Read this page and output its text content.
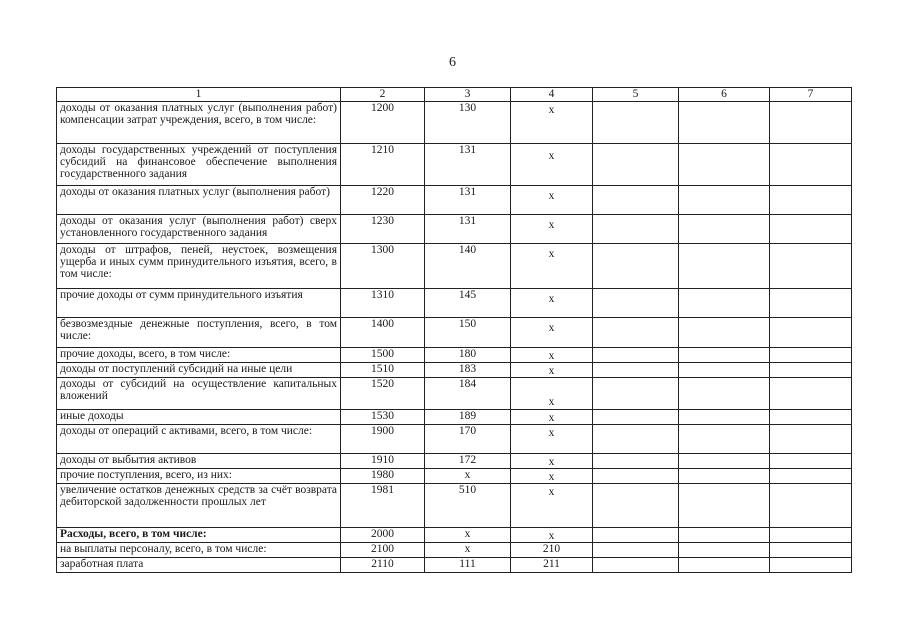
6
1	2	3	4	5	6	7
доходы от оказания платных услуг (выполнения работ) компенсации затрат учреждения, всего, в том числе:	1200	130	х			
доходы государственных учреждений от поступления субсидий на финансовое обеспечение выполнения государственного задания	1210	131	х			
доходы от оказания платных услуг (выполнения работ)	1220	131	х			
доходы от оказания услуг (выполнения работ) сверх установленного государственного задания	1230	131	х			
доходы от штрафов, пеней, неустоек, возмещения ущерба и иных сумм принудительного изъятия, всего, в том числе:	1300	140	х			
прочие доходы от сумм принудительного изъятия	1310	145	х			
безвозмездные денежные поступления, всего, в том числе:	1400	150	х			
прочие доходы, всего, в том числе:	1500	180	х			
доходы от поступлений субсидий на иные цели	1510	183	х			
доходы от субсидий на осуществление капитальных вложений	1520	184	х			
иные доходы	1530	189	х			
доходы от операций с активами, всего, в том числе:	1900	170	х			
доходы от выбытия активов	1910	172	х			
прочие поступления, всего, из них:	1980	х	х			
увеличение остатков денежных средств за счёт возврата дебиторской задолженности прошлых лет	1981	510	х			
Расходы, всего, в том числе:	2000	х	х			
на выплаты персоналу, всего, в том числе:	2100	х	210			
заработная плата	2110	111	211			
